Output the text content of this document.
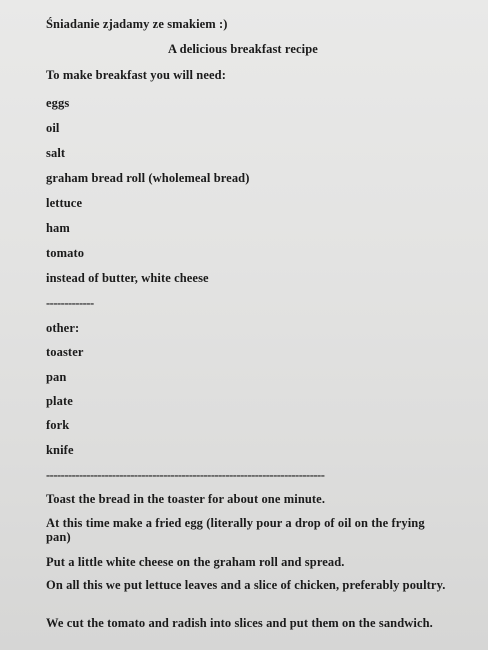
Śniadanie zjadamy ze smakiem :)
A delicious breakfast recipe
To make breakfast you will need:
eggs
oil
salt
graham bread roll (wholemeal bread)
lettuce
ham
tomato
instead of butter, white cheese
-------------
other:
toaster
pan
plate
fork
knife
----------------------------------------------------------------------------
Toast the bread in the toaster for about one minute.
At this time make a fried egg (literally pour a drop of oil on the frying pan)
Put a little white cheese on the graham roll and spread.
On all this we put lettuce leaves and a slice of chicken, preferably poultry.
We cut the tomato and radish into slices and put them on the sandwich.
